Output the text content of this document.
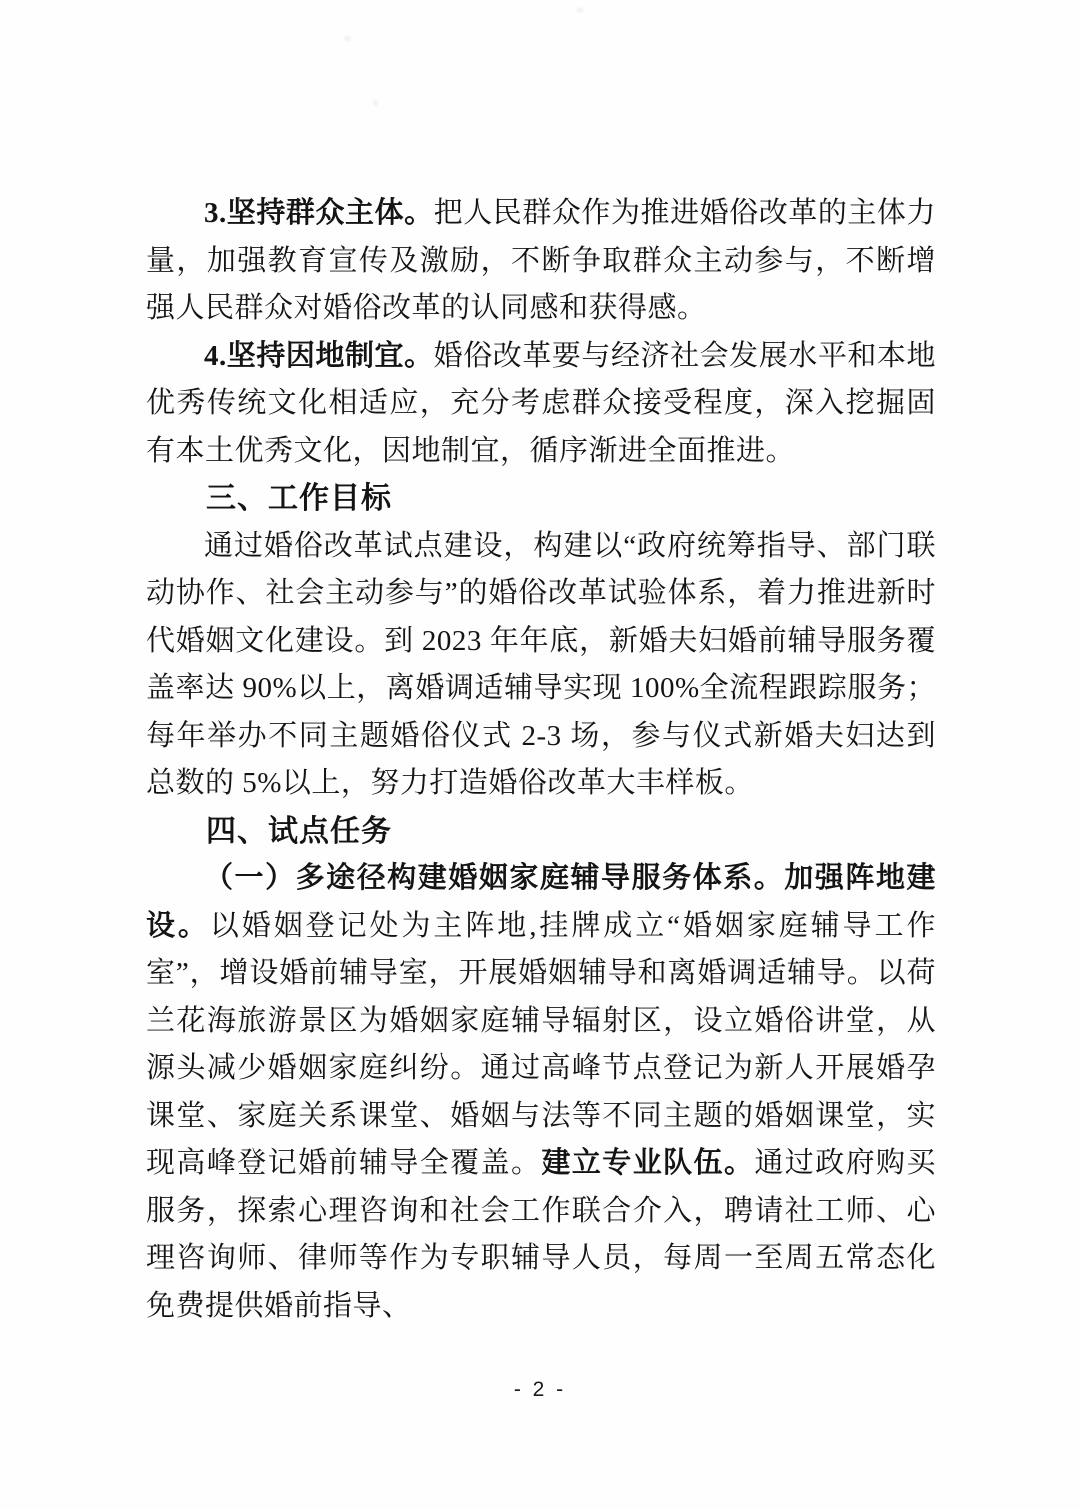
3.坚持群众主体。把人民群众作为推进婚俗改革的主体力量，加强教育宣传及激励，不断争取群众主动参与，不断增强人民群众对婚俗改革的认同感和获得感。

4.坚持因地制宜。婚俗改革要与经济社会发展水平和本地优秀传统文化相适应，充分考虑群众接受程度，深入挖掘固有本土优秀文化，因地制宜，循序渐进全面推进。

三、工作目标

通过婚俗改革试点建设，构建以“政府统筹指导、部门联动协作、社会主动参与”的婚俗改革试验体系，着力推进新时代婚姻文化建设。到 2023 年年底，新婚夫妇婚前辅导服务覆盖率达 90%以上，离婚调适辅导实现 100%全流程跟踪服务；每年举办不同主题婚俗仪式 2-3 场，参与仪式新婚夫妇达到总数的 5%以上，努力打造婚俗改革大丰样板。

四、试点任务

（一）多途径构建婚姻家庭辅导服务体系。加强阵地建设。以婚姻登记处为主阵地,挂牌成立“婚姻家庭辅导工作室”，增设婚前辅导室，开展婚姻辅导和离婚调适辅导。以荷兰花海旅游景区为婚姻家庭辅导辐射区，设立婚俗讲堂，从源头减少婚姻家庭纠纷。通过高峰节点登记为新人开展婚孕课堂、家庭关系课堂、婚姻与法等不同主题的婚姻课堂，实现高峰登记婚前辅导全覆盖。建立专业队伍。通过政府购买服务，探索心理咨询和社会工作联合介入，聘请社工师、心理咨询师、律师等作为专职辅导人员，每周一至周五常态化免费提供婚前指导、

- 2 -
